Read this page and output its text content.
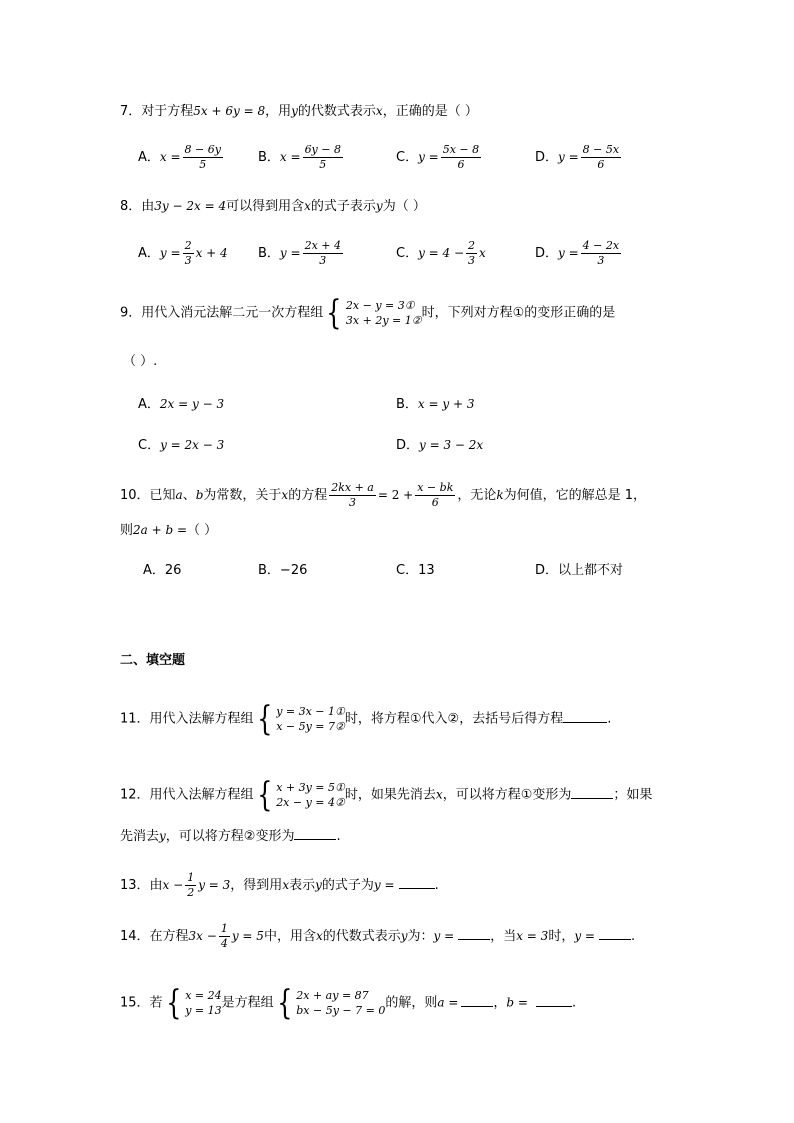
7．对于方程5x + 6y = 8，用y的代数式表示x，正确的是（ ）
A．$x = \frac{8 - 6y}{5}$	B．$x = \frac{6y - 8}{5}$	C．$y = \frac{5x - 8}{6}$	D．$y = \frac{8 - 5x}{6}$
8．由3y − 2x = 4可以得到用含x的式子表示y为（ ）
A．$y = \frac{2}{3}$ x + 4 B．$y = \frac{2x + 4}{3}$	C．$y = 4 - \frac{2}{3}$ x	D．$y = \frac{4 - 2x}{3}$
9．用代入消元法解二元一次方程组 { 2x − y = 3①
3x + 2y = 1② 时，下列对方程①的变形正确的是
（ ）.
A．2x = y − 3	B．x = y + 3
C．y = 2x − 3	D．y = 3 − 2x
10．已知a、b为常数，关于x的方程 $\frac{2kx + a}{3} = 2 + \frac{x - bk}{6}$ ，无论k为何值，它的解总是 1，
则2a + b =（ ）
A．26	B．−26	C．13	D．以上都不对
二、填空题
11．用代入法解方程组 { y = 3x − 1①
x − 5y = 7② 时，将方程①代入②，去括号后得方程	.
12．用代入法解方程组 { x + 3y = 5①
2x − y = 4② 时，如果先消去x，可以将方程①变形为	；如果
先消去y，可以将方程②变形为	.
13．由$x - \frac{1}{2}$ y = 3，得到用x表示y的式子为y =	.
14．在方程$3x - \frac{1}{4}$ y = 5中，用含x的代数式表示y为：y =	，当x = 3时，y =	.
15．若 { x = 24
y = 13 是方程组 { 2x + ay = 87
bx − 5y − 7 = 0 的解，则a =	，b =	.
